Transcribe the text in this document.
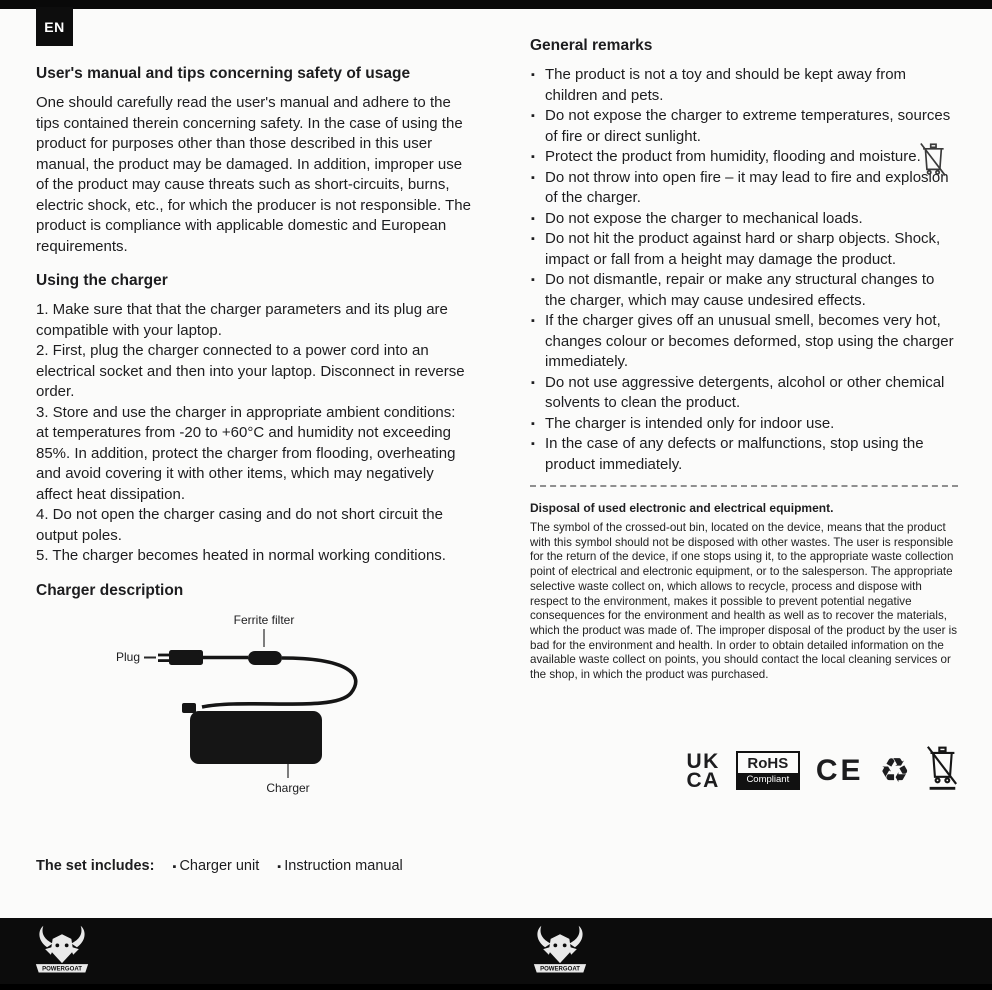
EN

User's manual and tips concerning safety of usage

One should carefully read the user's manual and adhere to the tips contained therein concerning safety. In the case of using the product for purposes other than those described in this user manual, the product may be damaged. In addition, improper use of the product may cause threats such as short-circuits, burns, electric shock, etc., for which the producer is not responsible. The product is compliance with applicable domestic and European requirements.

Using the charger

1. Make sure that that the charger parameters and its plug are compatible with your laptop.

2. First, plug the charger connected to a power cord into an electrical socket and then into your laptop. Disconnect in reverse order.

3. Store and use the charger in appropriate ambient conditions: at temperatures from -20 to +60°C and humidity not exceeding 85%. In addition, protect the charger from flooding, overheating and avoid covering it with other items, which may negatively affect heat dissipation.

4. Do not open the charger casing and do not short circuit the output poles.

5. The charger becomes heated in normal working conditions.

Charger description

Ferrite filter
Plug
Charger
The set includes: ▪ Charger unit ▪ Instruction manual

General remarks

▪ The product is not a toy and should be kept away from children and pets.
▪ Do not expose the charger to extreme temperatures, sources of fire or direct sunlight.
▪ Protect the product from humidity, flooding and moisture.
▪ Do not throw into open fire – it may lead to fire and explosion of the charger.
▪ Do not expose the charger to mechanical loads.
▪ Do not hit the product against hard or sharp objects. Shock, impact or fall from a height may damage the product.
▪ Do not dismantle, repair or make any structural changes to the charger, which may cause undesired effects.
▪ If the charger gives off an unusual smell, becomes very hot, changes colour or becomes deformed, stop using the charger immediately.
▪ Do not use aggressive detergents, alcohol or other chemical solvents to clean the product.
▪ The charger is intended only for indoor use.
▪ In the case of any defects or malfunctions, stop using the product immediately.

Disposal of used electronic and electrical equipment.

The symbol of the crossed-out bin, located on the device, means that the product with this symbol should not be disposed with other wastes. The user is responsible for the return of the device, if one stops using it, to the appropriate waste collection point of electrical and electronic equipment, or to the salesperson. The appropriate selective waste collect on, which allows to recycle, process and dispose with respect to the environment, makes it possible to prevent potential negative consequences for the environment and health as well as to recover the materials, which the product was made of. The improper disposal of the product by the user is bad for the environment and health. In order to obtain detailed information on the available waste collect on points, you should contact the local cleaning services or the shop, in which the product was purchased.

UK
CA
RoHS
Compliant CE ♻
POWERGOAT	POWERGOAT
